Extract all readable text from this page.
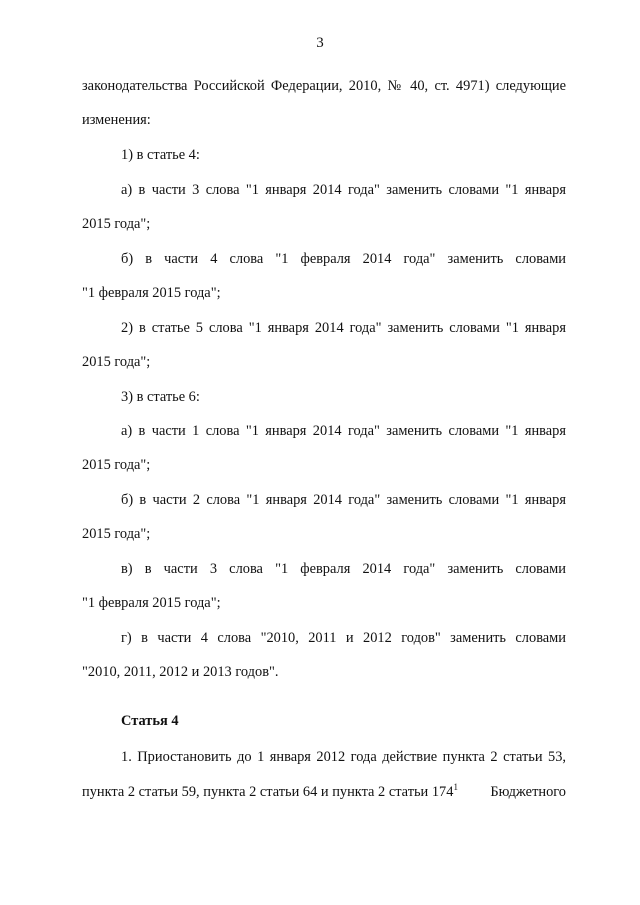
3
законодательства Российской Федерации, 2010, № 40, ст. 4971) следующие
изменения:
1) в статье 4:
а) в части 3 слова "1 января 2014 года" заменить словами "1 января
2015 года";
б) в части 4 слова "1 февраля 2014 года" заменить словами
"1 февраля 2015 года";
2) в статье 5 слова "1 января 2014 года" заменить словами "1 января
2015 года";
3) в статье 6:
а) в части 1 слова "1 января 2014 года" заменить словами "1 января
2015 года";
б) в части 2 слова "1 января 2014 года" заменить словами "1 января
2015 года";
в) в части 3 слова "1 февраля 2014 года" заменить словами
"1 февраля 2015 года";
г) в части 4 слова "2010, 2011 и 2012 годов" заменить словами
"2010, 2011, 2012 и 2013 годов".
Статья 4
1. Приостановить до 1 января 2012 года действие пункта 2 статьи 53,
пункта 2 статьи 59, пункта 2 статьи 64 и пункта 2 статьи $174^1$ Бюджетного
